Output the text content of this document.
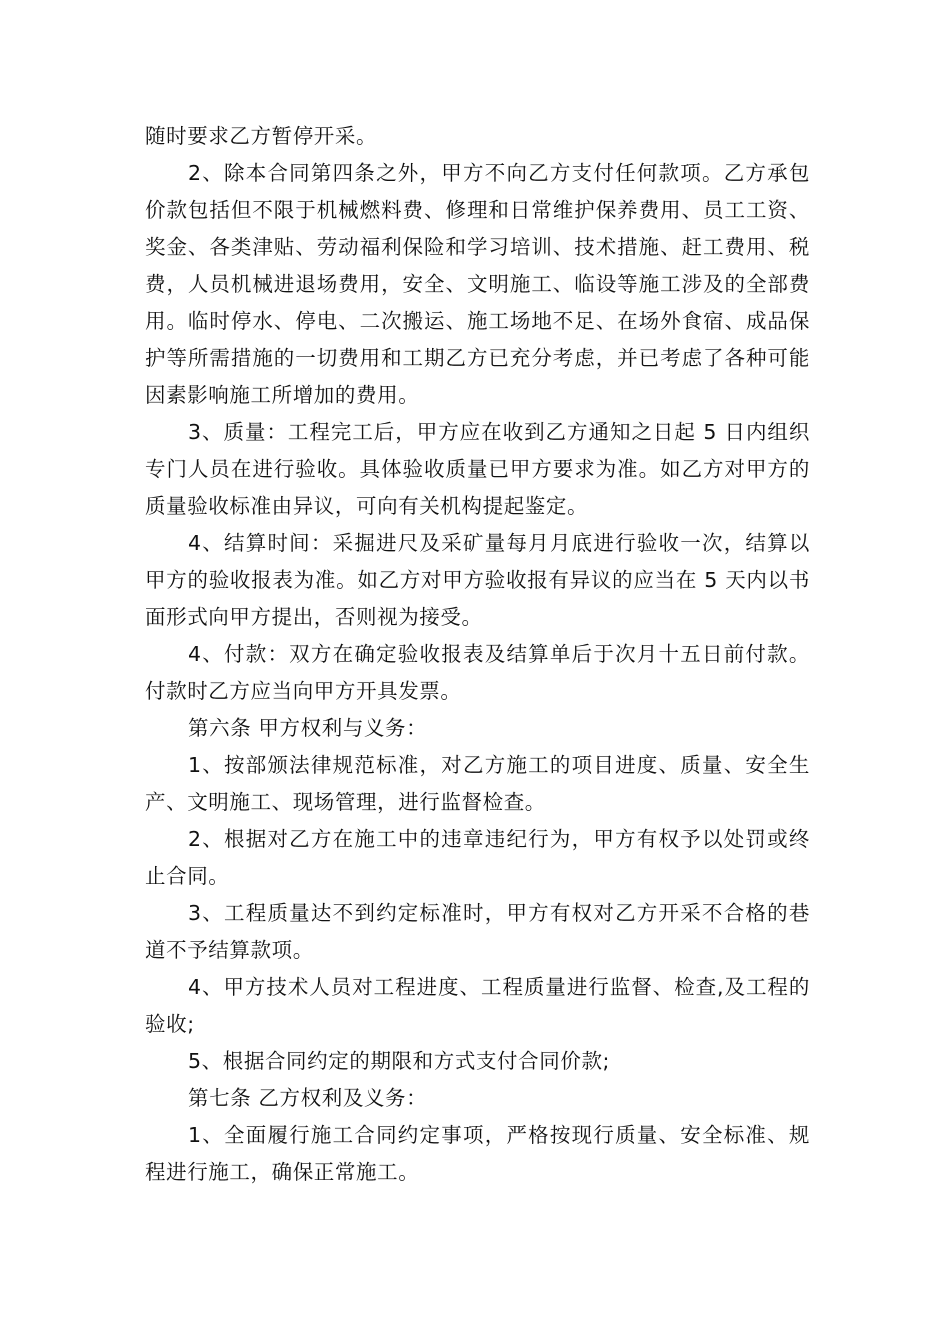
随时要求乙方暂停开采。

2、除本合同第四条之外，甲方不向乙方支付任何款项。乙方承包价款包括但不限于机械燃料费、修理和日常维护保养费用、员工工资、奖金、各类津贴、劳动福利保险和学习培训、技术措施、赶工费用、税费，人员机械进退场费用，安全、文明施工、临设等施工涉及的全部费用。临时停水、停电、二次搬运、施工场地不足、在场外食宿、成品保护等所需措施的一切费用和工期乙方已充分考虑，并已考虑了各种可能因素影响施工所增加的费用。

3、质量：工程完工后，甲方应在收到乙方通知之日起 5 日内组织专门人员在进行验收。具体验收质量已甲方要求为准。如乙方对甲方的质量验收标准由异议，可向有关机构提起鉴定。

4、结算时间：采掘进尺及采矿量每月月底进行验收一次，结算以甲方的验收报表为准。如乙方对甲方验收报有异议的应当在 5 天内以书面形式向甲方提出，否则视为接受。

4、付款：双方在确定验收报表及结算单后于次月十五日前付款。付款时乙方应当向甲方开具发票。

第六条 甲方权利与义务：

1、按部颁法律规范标准，对乙方施工的项目进度、质量、安全生产、文明施工、现场管理，进行监督检查。

2、根据对乙方在施工中的违章违纪行为，甲方有权予以处罚或终止合同。

3、工程质量达不到约定标准时，甲方有权对乙方开采不合格的巷道不予结算款项。

4、甲方技术人员对工程进度、工程质量进行监督、检查,及工程的验收;

5、根据合同约定的期限和方式支付合同价款;

第七条 乙方权利及义务：

1、全面履行施工合同约定事项，严格按现行质量、安全标准、规程进行施工，确保正常施工。
